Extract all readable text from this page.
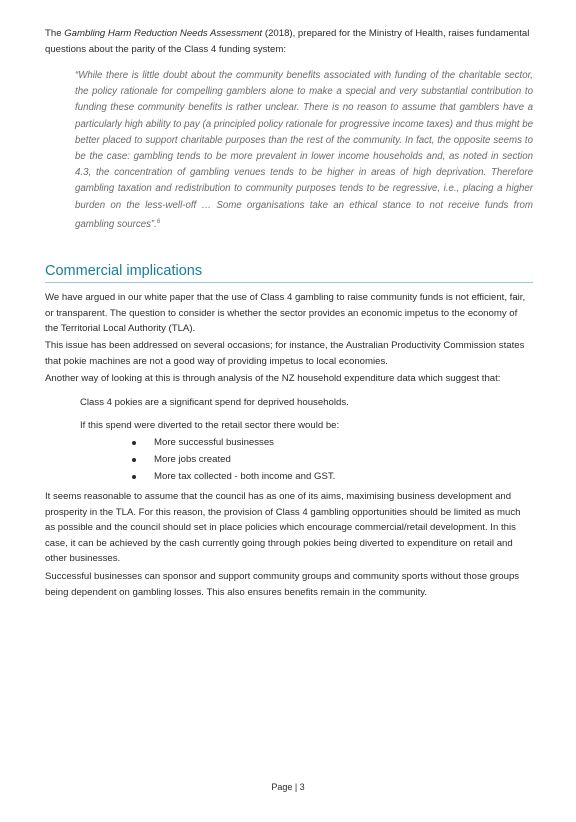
The Gambling Harm Reduction Needs Assessment (2018), prepared for the Ministry of Health, raises fundamental questions about the parity of the Class 4 funding system:

“While there is little doubt about the community benefits associated with funding of the charitable sector, the policy rationale for compelling gamblers alone to make a special and very substantial contribution to funding these community benefits is rather unclear. There is no reason to assume that gamblers have a particularly high ability to pay (a principled policy rationale for progressive income taxes) and thus might be better placed to support charitable purposes than the rest of the community. In fact, the opposite seems to be the case: gambling tends to be more prevalent in lower income households and, as noted in section 4.3, the concentration of gambling venues tends to be higher in areas of high deprivation. Therefore gambling taxation and redistribution to community purposes tends to be regressive, i.e., placing a higher burden on the less-well-off … Some organisations take an ethical stance to not receive funds from gambling sources”.$^6$

Commercial implications

We have argued in our white paper that the use of Class 4 gambling to raise community funds is not efficient, fair, or transparent. The question to consider is whether the sector provides an economic impetus to the economy of the Territorial Local Authority (TLA).

This issue has been addressed on several occasions; for instance, the Australian Productivity Commission states that pokie machines are not a good way of providing impetus to local economies.

Another way of looking at this is through analysis of the NZ household expenditure data which suggest that:

Class 4 pokies are a significant spend for deprived households.

If this spend were diverted to the retail sector there would be:

More successful businesses
More jobs created
More tax collected - both income and GST.

It seems reasonable to assume that the council has as one of its aims, maximising business development and prosperity in the TLA. For this reason, the provision of Class 4 gambling opportunities should be limited as much as possible and the council should set in place policies which encourage commercial/retail development. In this case, it can be achieved by the cash currently going through pokies being diverted to expenditure on retail and other businesses.

Successful businesses can sponsor and support community groups and community sports without those groups being dependent on gambling losses. This also ensures benefits remain in the community.

Page | 3
